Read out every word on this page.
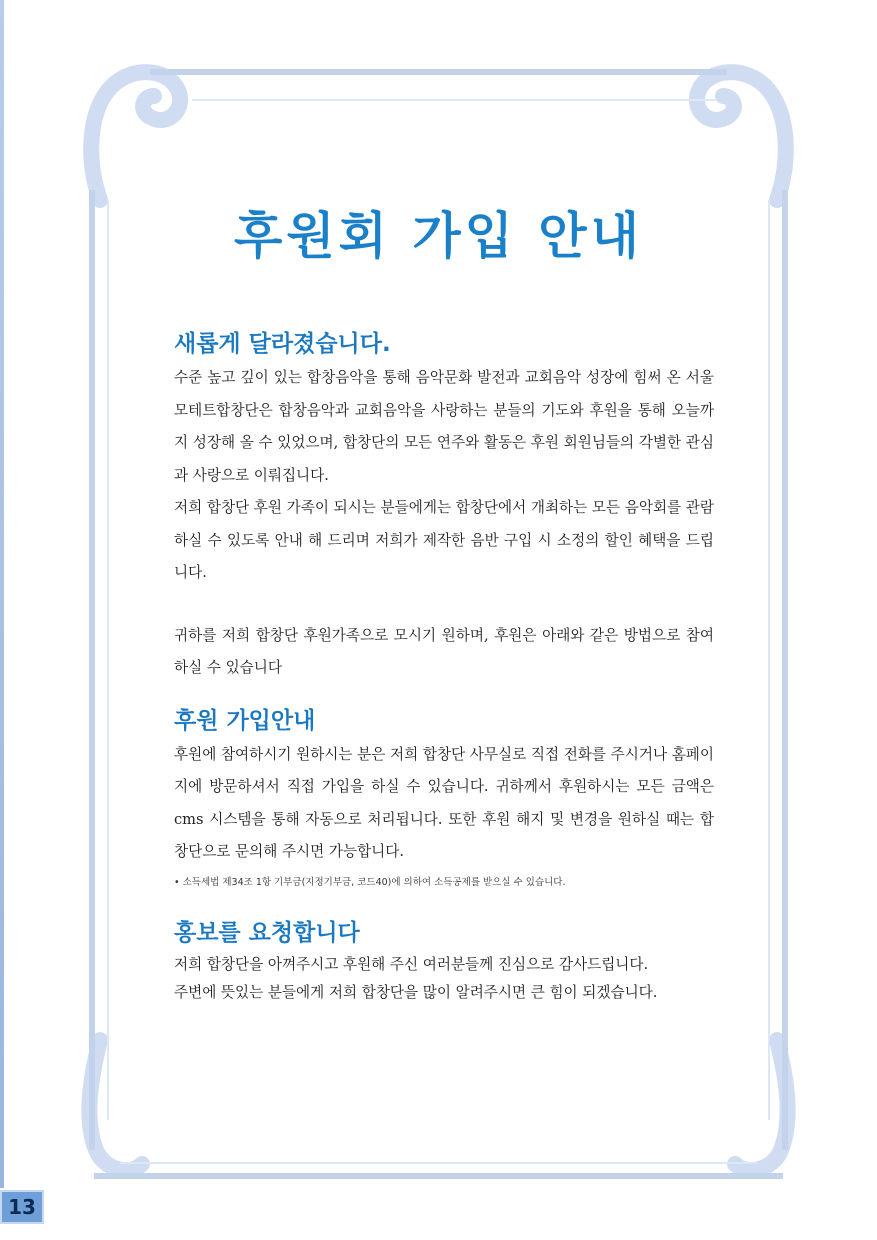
후원회 가입 안내
새롭게 달라졌습니다.

수준 높고 깊이 있는 합창음악을 통해 음악문화 발전과 교회음악 성장에 힘써 온 서울모테트합창단은 합창음악과 교회음악을 사랑하는 분들의 기도와 후원을 통해 오늘까지 성장해 올 수 있었으며, 합창단의 모든 연주와 활동은 후원 회원님들의 각별한 관심과 사랑으로 이뤄집니다.

저희 합창단 후원 가족이 되시는 분들에게는 합창단에서 개최하는 모든 음악회를 관람하실 수 있도록 안내 해 드리며 저희가 제작한 음반 구입 시 소정의 할인 혜택을 드립니다.

귀하를 저희 합창단 후원가족으로 모시기 원하며, 후원은 아래와 같은 방법으로 참여 하실 수 있습니다

후원 가입안내

후원에 참여하시기 원하시는 분은 저희 합창단 사무실로 직접 전화를 주시거나 홈페이지에 방문하셔서 직접 가입을 하실 수 있습니다. 귀하께서 후원하시는 모든 금액은 cms 시스템을 통해 자동으로 처리됩니다. 또한 후원 해지 및 변경을 원하실 때는 합창단으로 문의해 주시면 가능합니다.

• 소득세법 제34조 1항 기부금(지정기부금, 코드40)에 의하여 소득공제를 받으실 수 있습니다.

홍보를 요청합니다

저희 합창단을 아껴주시고 후원해 주신 여러분들께 진심으로 감사드립니다.

주변에 뜻있는 분들에게 저희 합창단을 많이 알려주시면 큰 힘이 되겠습니다.

13
